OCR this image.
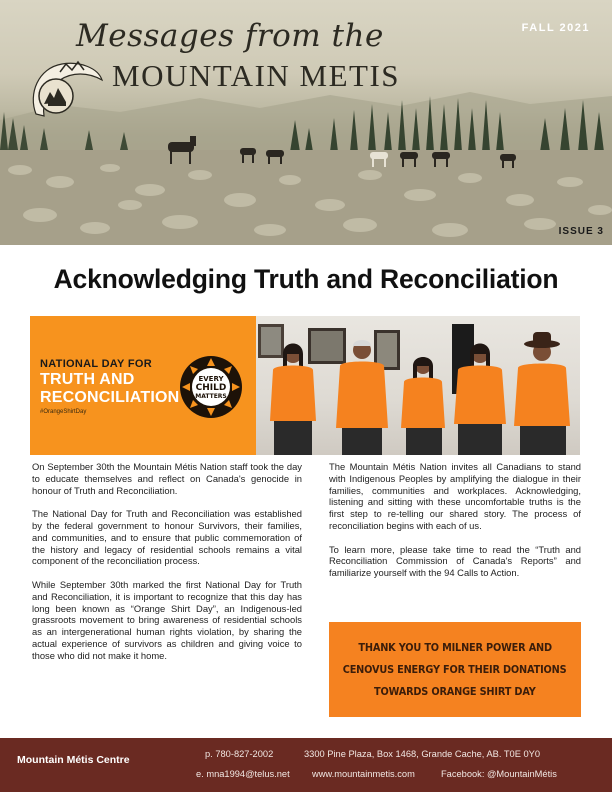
Messages from the
MOUNTAIN METIS
FALL 2021
ISSUE 3
Acknowledging Truth and Reconciliation
NATIONAL DAY FOR
TRUTH AND
RECONCILIATION
#OrangeShirtDay
EVERY
CHILD
MATTERS

On September 30th the Mountain Métis Nation staff took the day to educate themselves and reflect on Canada's genocide in honour of Truth and Reconciliation.

The National Day for Truth and Reconciliation was established by the federal government to honour Survivors, their families, and communities, and to ensure that public commemoration of the history and legacy of residential schools remains a vital component of the reconciliation process.

While September 30th marked the first National Day for Truth and Reconciliation, it is important to recognize that this day has long been known as “Orange Shirt Day”, an Indigenous-led grassroots movement to bring awareness of residential schools as an intergenerational human rights violation, by sharing the actual experience of survivors as children and giving voice to those who did not make it home.

The Mountain Métis Nation invites all Canadians to stand with Indigenous Peoples by amplifying the dialogue in their families, communities and workplaces. Acknowledging, listening and sitting with these uncomfortable truths is the first step to re-telling our shared story. The process of reconciliation begins with each of us.

To learn more, please take time to read the “Truth and Reconciliation Commission of Canada's Reports” and familiarize yourself with the 94 Calls to Action.

THANK YOU TO MILNER POWER AND
CENOVUS ENERGY FOR THEIR DONATIONS
TOWARDS ORANGE SHIRT DAY
Mountain Métis Centre	p. 780-827-2002	3300 Pine Plaza, Box 1468, Grande Cache, AB. T0E 0Y0
e. mna1994@telus.net www.mountainmetis.com	Facebook: @MountainMétis
